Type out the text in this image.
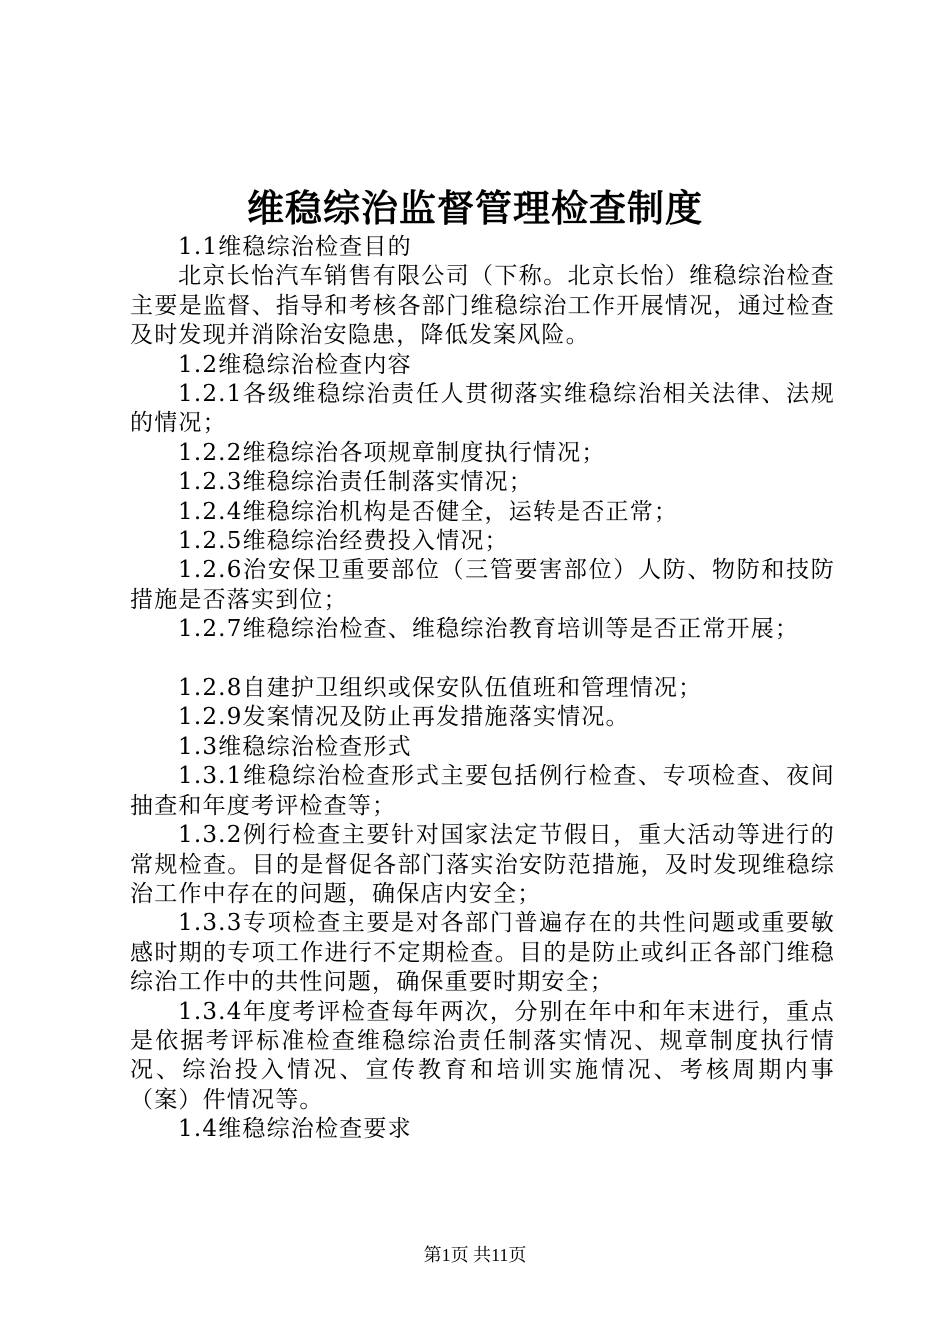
维稳综治监督管理检查制度

1.1维稳综治检查目的

北京长怡汽车销售有限公司（下称。北京长怡）维稳综治检查主要是监督、指导和考核各部门维稳综治工作开展情况，通过检查及时发现并消除治安隐患，降低发案风险。

1.2维稳综治检查内容

1.2.1各级维稳综治责任人贯彻落实维稳综治相关法律、法规的情况；

1.2.2维稳综治各项规章制度执行情况；

1.2.3维稳综治责任制落实情况；

1.2.4维稳综治机构是否健全，运转是否正常；

1.2.5维稳综治经费投入情况；

1.2.6治安保卫重要部位（三管要害部位）人防、物防和技防措施是否落实到位；

1.2.7维稳综治检查、维稳综治教育培训等是否正常开展；

1.2.8自建护卫组织或保安队伍值班和管理情况；

1.2.9发案情况及防止再发措施落实情况。

1.3维稳综治检查形式

1.3.1维稳综治检查形式主要包括例行检查、专项检查、夜间抽查和年度考评检查等；

1.3.2例行检查主要针对国家法定节假日，重大活动等进行的常规检查。目的是督促各部门落实治安防范措施，及时发现维稳综治工作中存在的问题，确保店内安全；

1.3.3专项检查主要是对各部门普遍存在的共性问题或重要敏感时期的专项工作进行不定期检查。目的是防止或纠正各部门维稳综治工作中的共性问题，确保重要时期安全；

1.3.4年度考评检查每年两次，分别在年中和年末进行，重点是依据考评标准检查维稳综治责任制落实情况、规章制度执行情况、综治投入情况、宣传教育和培训实施情况、考核周期内事（案）件情况等。

1.4维稳综治检查要求

第1页 共11页
